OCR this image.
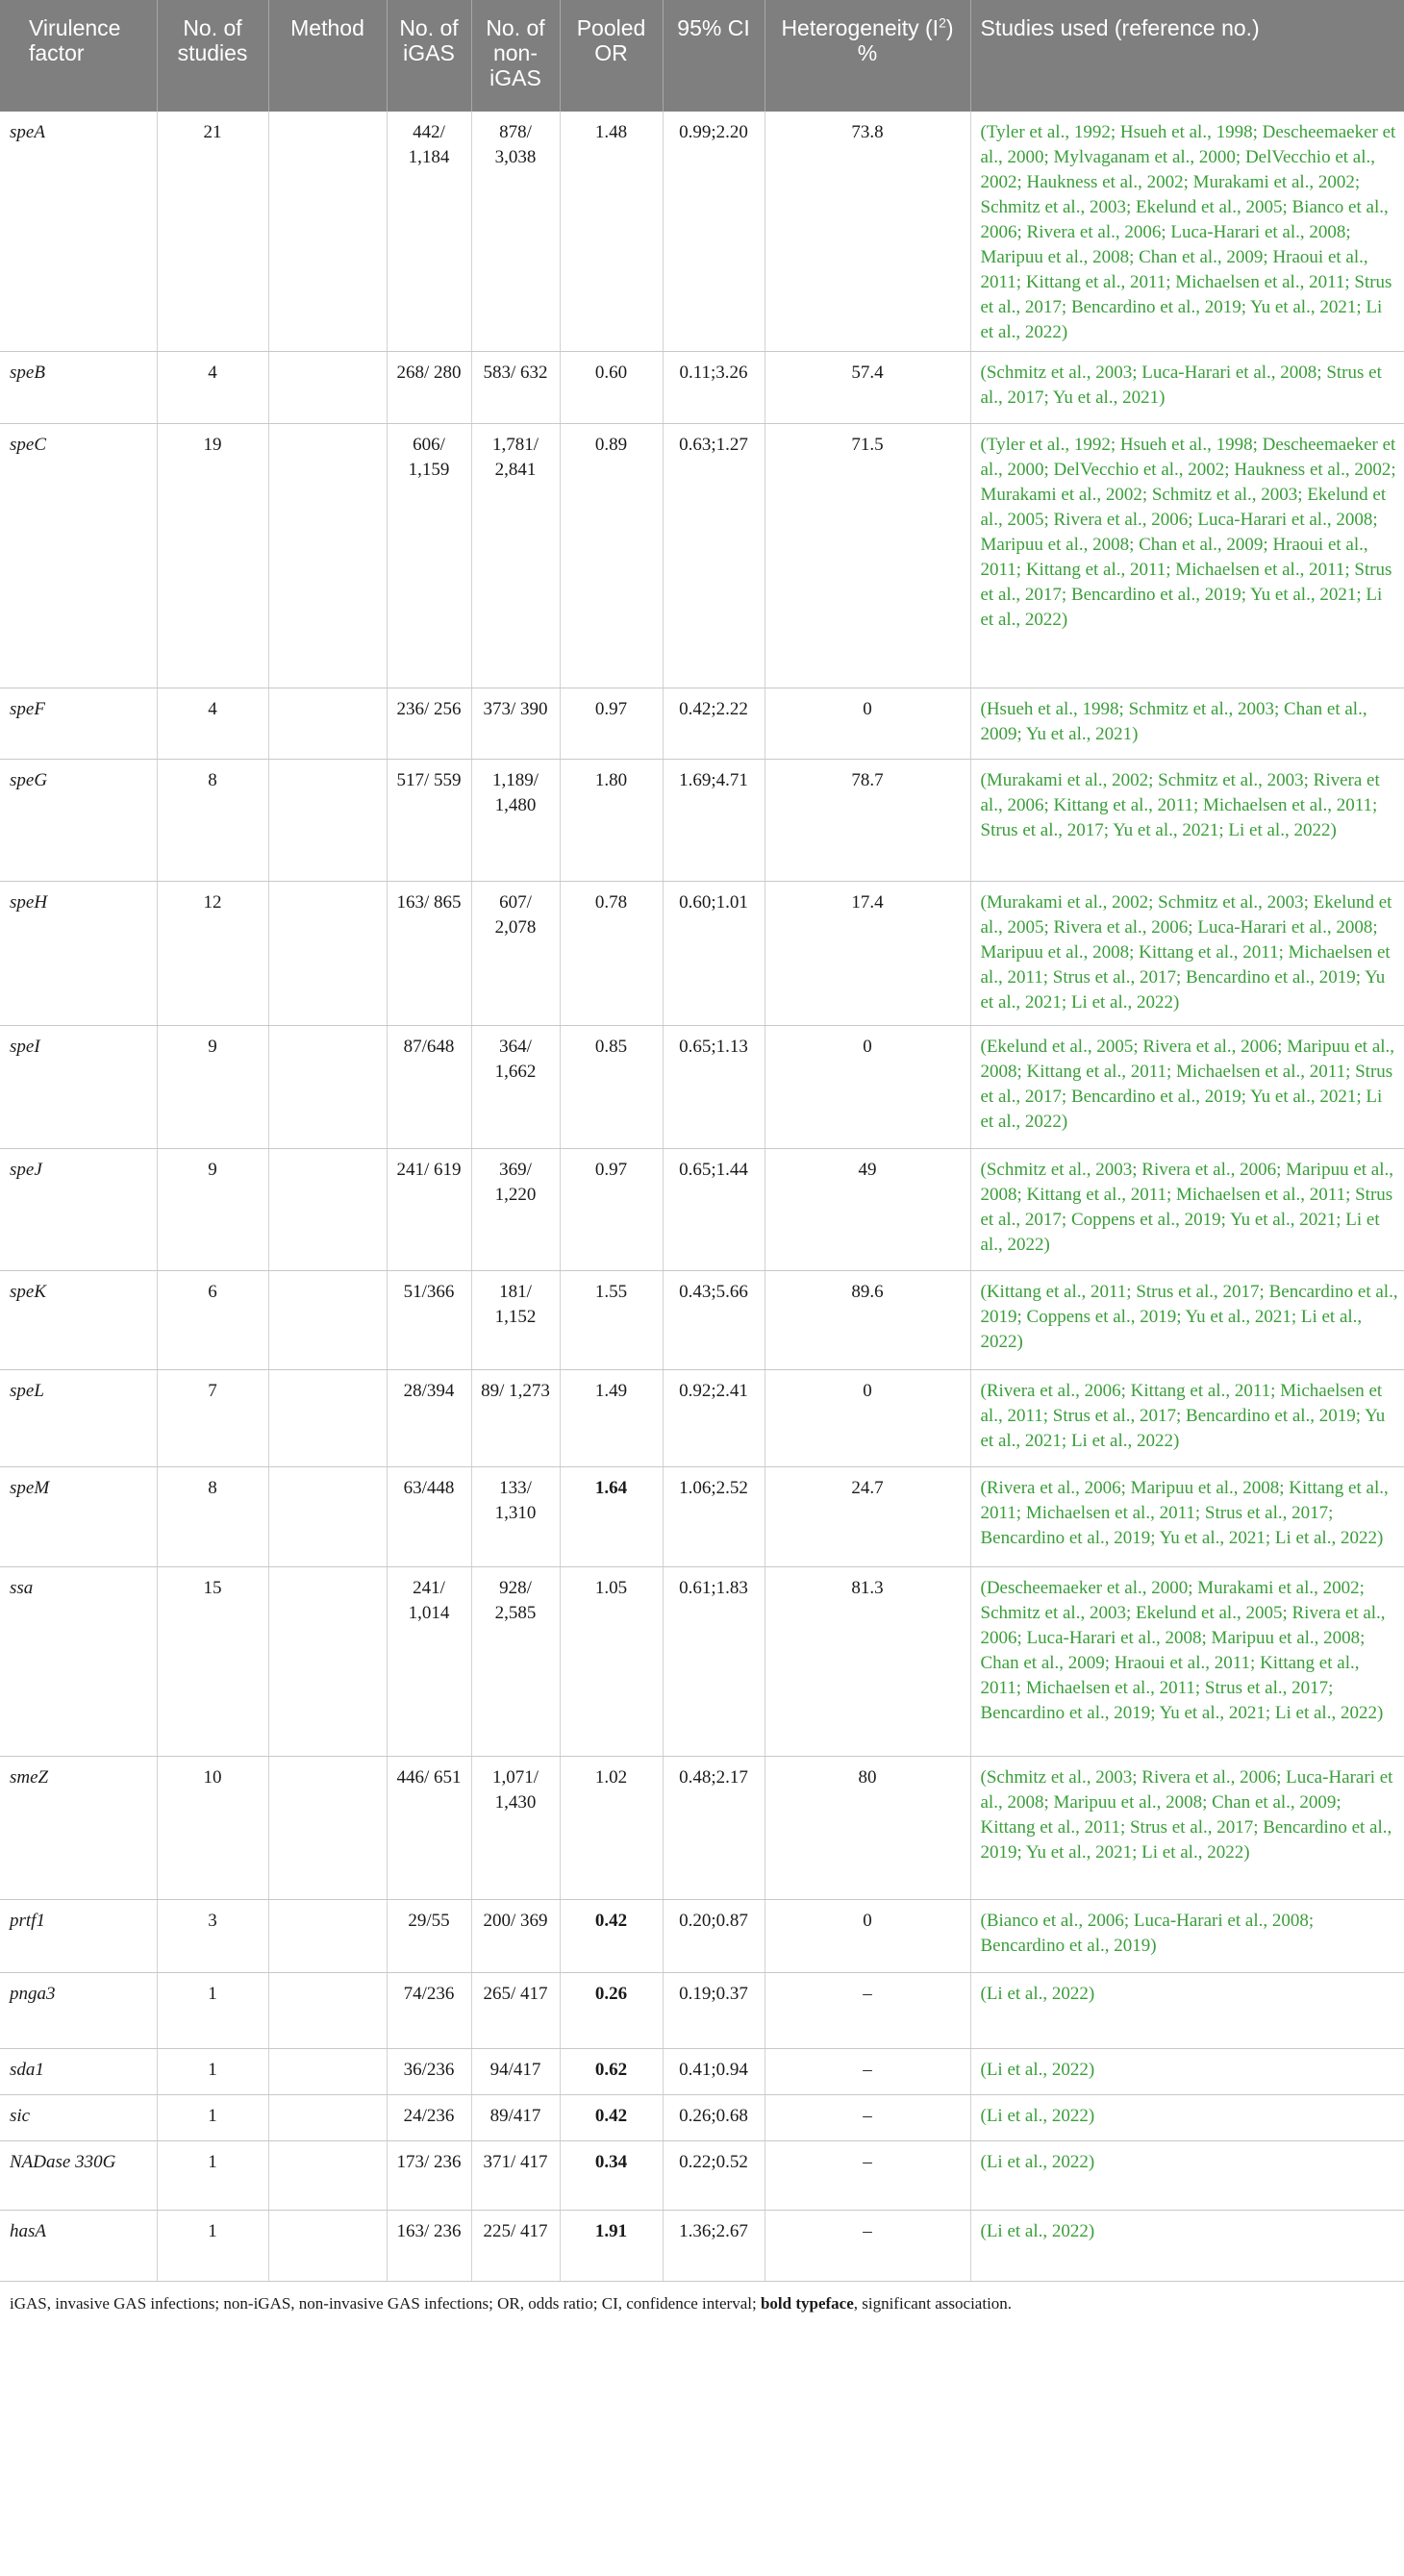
Virulence factor	No. of studies	Method	No. of iGAS	No. of non-iGAS	Pooled OR	95% CI	Heterogeneity $(I^2)$ %	Studies used (reference no.)
speA	21		442/ 1,184	878/ 3,038	1.48	0.99;2.20	73.8	(Tyler et al., 1992; Hsueh et al., 1998; Descheemaeker et al., 2000; Mylvaganam et al., 2000; DelVecchio et al., 2002; Haukness et al., 2002; Murakami et al., 2002; Schmitz et al., 2003; Ekelund et al., 2005; Bianco et al., 2006; Rivera et al., 2006; Luca-Harari et al., 2008; Maripuu et al., 2008; Chan et al., 2009; Hraoui et al., 2011; Kittang et al., 2011; Michaelsen et al., 2011; Strus et al., 2017; Bencardino et al., 2019; Yu et al., 2021; Li et al., 2022)
speB	4		268/ 280	583/ 632	0.60	0.11;3.26	57.4	(Schmitz et al., 2003; Luca-Harari et al., 2008; Strus et al., 2017; Yu et al., 2021)
speC	19		606/ 1,159	1,781/ 2,841	0.89	0.63;1.27	71.5	(Tyler et al., 1992; Hsueh et al., 1998; Descheemaeker et al., 2000; DelVecchio et al., 2002; Haukness et al., 2002; Murakami et al., 2002; Schmitz et al., 2003; Ekelund et al., 2005; Rivera et al., 2006; Luca-Harari et al., 2008; Maripuu et al., 2008; Chan et al., 2009; Hraoui et al., 2011; Kittang et al., 2011; Michaelsen et al., 2011; Strus et al., 2017; Bencardino et al., 2019; Yu et al., 2021; Li et al., 2022)
speF	4		236/ 256	373/ 390	0.97	0.42;2.22	0	(Hsueh et al., 1998; Schmitz et al., 2003; Chan et al., 2009; Yu et al., 2021)
speG	8		517/ 559	1,189/ 1,480	1.80	1.69;4.71	78.7	(Murakami et al., 2002; Schmitz et al., 2003; Rivera et al., 2006; Kittang et al., 2011; Michaelsen et al., 2011; Strus et al., 2017; Yu et al., 2021; Li et al., 2022)
speH	12		163/ 865	607/ 2,078	0.78	0.60;1.01	17.4	(Murakami et al., 2002; Schmitz et al., 2003; Ekelund et al., 2005; Rivera et al., 2006; Luca-Harari et al., 2008; Maripuu et al., 2008; Kittang et al., 2011; Michaelsen et al., 2011; Strus et al., 2017; Bencardino et al., 2019; Yu et al., 2021; Li et al., 2022)
speI	9		87/648	364/ 1,662	0.85	0.65;1.13	0	(Ekelund et al., 2005; Rivera et al., 2006; Maripuu et al., 2008; Kittang et al., 2011; Michaelsen et al., 2011; Strus et al., 2017; Bencardino et al., 2019; Yu et al., 2021; Li et al., 2022)
speJ	9		241/ 619	369/ 1,220	0.97	0.65;1.44	49	(Schmitz et al., 2003; Rivera et al., 2006; Maripuu et al., 2008; Kittang et al., 2011; Michaelsen et al., 2011; Strus et al., 2017; Coppens et al., 2019; Yu et al., 2021; Li et al., 2022)
speK	6		51/366	181/ 1,152	1.55	0.43;5.66	89.6	(Kittang et al., 2011; Strus et al., 2017; Bencardino et al., 2019; Coppens et al., 2019; Yu et al., 2021; Li et al., 2022)
speL	7		28/394	89/ 1,273	1.49	0.92;2.41	0	(Rivera et al., 2006; Kittang et al., 2011; Michaelsen et al., 2011; Strus et al., 2017; Bencardino et al., 2019; Yu et al., 2021; Li et al., 2022)
speM	8		63/448	133/ 1,310	1.64	1.06;2.52	24.7	(Rivera et al., 2006; Maripuu et al., 2008; Kittang et al., 2011; Michaelsen et al., 2011; Strus et al., 2017; Bencardino et al., 2019; Yu et al., 2021; Li et al., 2022)
ssa	15		241/ 1,014	928/ 2,585	1.05	0.61;1.83	81.3	(Descheemaeker et al., 2000; Murakami et al., 2002; Schmitz et al., 2003; Ekelund et al., 2005; Rivera et al., 2006; Luca-Harari et al., 2008; Maripuu et al., 2008; Chan et al., 2009; Hraoui et al., 2011; Kittang et al., 2011; Michaelsen et al., 2011; Strus et al., 2017; Bencardino et al., 2019; Yu et al., 2021; Li et al., 2022)
smeZ	10		446/ 651	1,071/ 1,430	1.02	0.48;2.17	80	(Schmitz et al., 2003; Rivera et al., 2006; Luca-Harari et al., 2008; Maripuu et al., 2008; Chan et al., 2009; Kittang et al., 2011; Strus et al., 2017; Bencardino et al., 2019; Yu et al., 2021; Li et al., 2022)
prtf1	3		29/55	200/ 369	0.42	0.20;0.87	0	(Bianco et al., 2006; Luca-Harari et al., 2008; Bencardino et al., 2019)
pnga3	1		74/236	265/ 417	0.26	0.19;0.37	–	(Li et al., 2022)
sda1	1		36/236	94/417	0.62	0.41;0.94	–	(Li et al., 2022)
sic	1		24/236	89/417	0.42	0.26;0.68	–	(Li et al., 2022)
NADase 330G	1		173/ 236	371/ 417	0.34	0.22;0.52	–	(Li et al., 2022)
hasA	1		163/ 236	225/ 417	1.91	1.36;2.67	–	(Li et al., 2022)
iGAS, invasive GAS infections; non-iGAS, non-invasive GAS infections; OR, odds ratio; CI, confidence interval; bold typeface, significant association.
